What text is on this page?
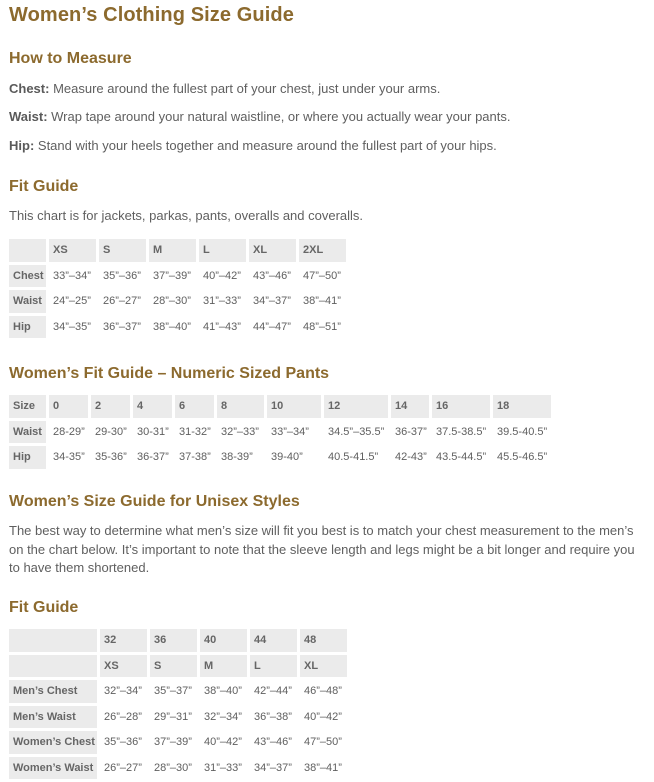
Women’s Clothing Size Guide
How to Measure

Chest: Measure around the fullest part of your chest, just under your arms.

Waist: Wrap tape around your natural waistline, or where you actually wear your pants.

Hip: Stand with your heels together and measure around the fullest part of your hips.

Fit Guide

This chart is for jackets, parkas, pants, overalls and coveralls.

	XS	S	M	L	XL	2XL
Chest	33”–34”	35”–36”	37”–39”	40”–42”	43”–46”	47”–50”
Waist	24”–25”	26”–27”	28”–30”	31”–33”	34”–37”	38”–41”
Hip	34”–35”	36”–37”	38”–40”	41”–43”	44”–47”	48”–51”
Women’s Fit Guide – Numeric Sized Pants
Size	0	2	4	6	8	10	12	14	16	18
Waist	28-29”	29-30”	30-31”	31-32”	32”–33”	33”–34”	34.5”–35.5”	36-37”	37.5-38.5”	39.5-40.5”
Hip	34-35”	35-36”	36-37”	37-38”	38-39”	39-40”	40.5-41.5”	42-43”	43.5-44.5”	45.5-46.5”
Women’s Size Guide for Unisex Styles

The best way to determine what men’s size will fit you best is to match your chest measurement to the men’s on the chart below. It’s important to note that the sleeve length and legs might be a bit longer and require you to have them shortened.

Fit Guide
	32	36	40	44	48
	XS	S	M	L	XL
Men’s Chest	32”–34”	35”–37”	38”–40”	42”–44”	46”–48”
Men’s Waist	26”–28”	29”–31”	32”–34”	36”–38”	40”–42”
Women’s Chest	35”–36”	37”–39”	40”–42”	43”–46”	47”–50”
Women’s Waist	26”–27”	28”–30”	31”–33”	34”–37”	38”–41”
